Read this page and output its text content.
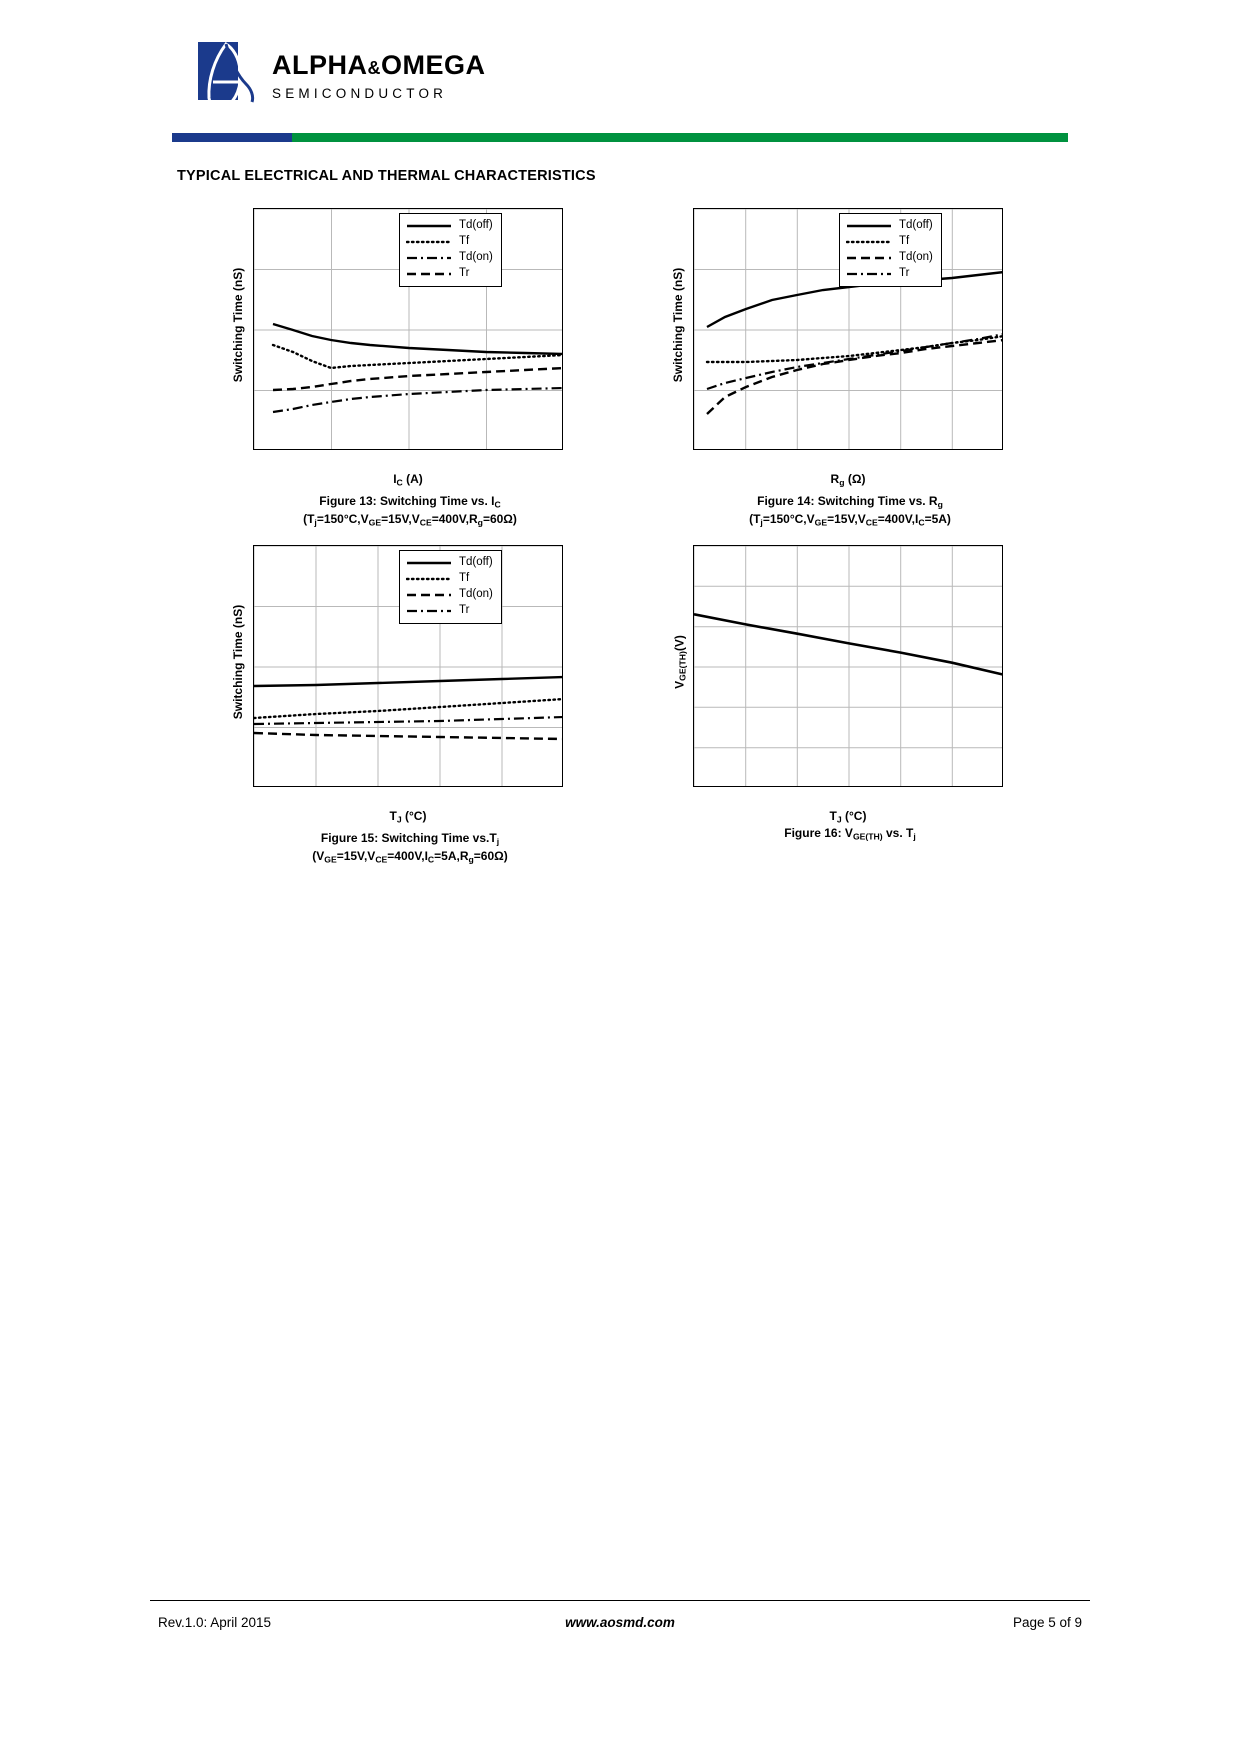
ALPHA&OMEGA
SEMICONDUCTOR
TYPICAL ELECTRICAL AND THERMAL CHARACTERISTICS
Switching Time (nS)
Td(off)
Tf
Td(on)
Tr
$I_C$ (A)
Figure 13: Switching Time vs. $I_C$
$(T_j=150^\circ C,V_{GE}=15V,V_{CE}=400V,R_g=60\Omega)$
Switching Time (nS)
Td(off)
Tf
Td(on)
Tr
$R_g$ (Ω)
Figure 14: Switching Time vs. $R_g$
$(T_j=150^\circ C,V_{GE}=15V,V_{CE}=400V,I_C=5A)$
Switching Time (nS)
Td(off)
Tf
Td(on)
Tr
$T_J$ (°C)
Figure 15: Switching Time $vs.T_j$
$(V_{GE}=15V,V_{CE}=400V,I_C=5A,R_g=60\Omega)$
$V_{GE(TH)}(V)$
$T_J$ (°C)
Figure 16: $V_{GE(TH)}$ vs. $T_j$
Rev.1.0: April 2015	www.aosmd.com	Page 5 of 9
